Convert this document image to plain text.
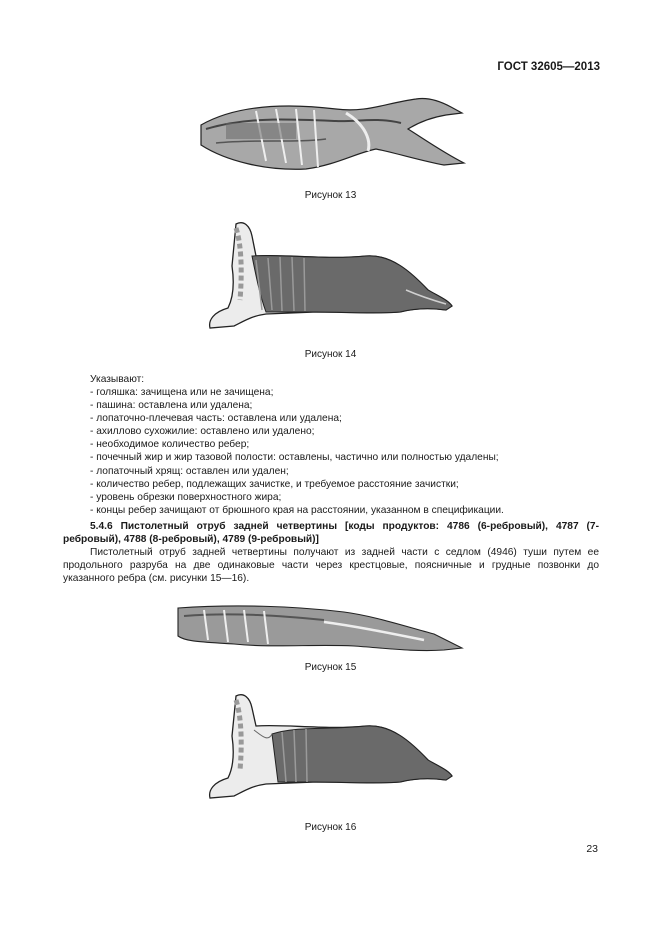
ГОСТ 32605—2013
Рисунок 13
Рисунок 14
Указывают:
- голяшка: зачищена или не зачищена;
- пашина: оставлена или удалена;
- лопаточно-плечевая часть: оставлена или удалена;
- ахиллово сухожилие: оставлено или удалено;
- необходимое количество ребер;
- почечный жир и жир тазовой полости: оставлены, частично или полностью удалены;
- лопаточный хрящ: оставлен или удален;
- количество ребер, подлежащих зачистке, и требуемое расстояние зачистки;
- уровень обрезки поверхностного жира;
- концы ребер зачищают от брюшного края на расстоянии, указанном в спецификации.
5.4.6 Пистолетный отруб задней четвертины [коды продуктов: 4786 (6-ребровый), 4787 (7-ребровый), 4788 (8-ребровый), 4789 (9-ребровый)]
Пистолетный отруб задней четвертины получают из задней части с седлом (4946) туши путем ее продольного разруба на две одинаковые части через крестцовые, поясничные и грудные позвонки до указанного ребра (см. рисунки 15—16).
Рисунок 15
Рисунок 16
23
